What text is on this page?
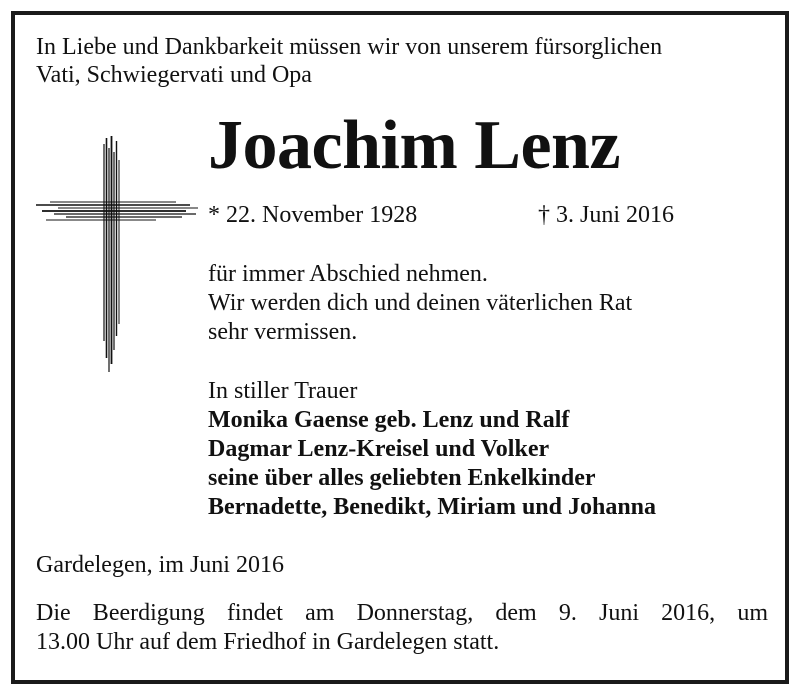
In Liebe und Dankbarkeit müssen wir von unserem fürsorglichen
Vati, Schwiegervati und Opa

Joachim Lenz
* 22. November 1928	† 3. Juni 2016

für immer Abschied nehmen.
Wir werden dich und deinen väterlichen Rat
sehr vermissen.

In stiller Trauer

Monika Gaense geb. Lenz und Ralf
Dagmar Lenz-Kreisel und Volker
seine über alles geliebten Enkelkinder
Bernadette, Benedikt, Miriam und Johanna

Gardelegen, im Juni 2016

Die Beerdigung findet am Donnerstag, dem 9. Juni 2016, um
13.00 Uhr auf dem Friedhof in Gardelegen statt.
